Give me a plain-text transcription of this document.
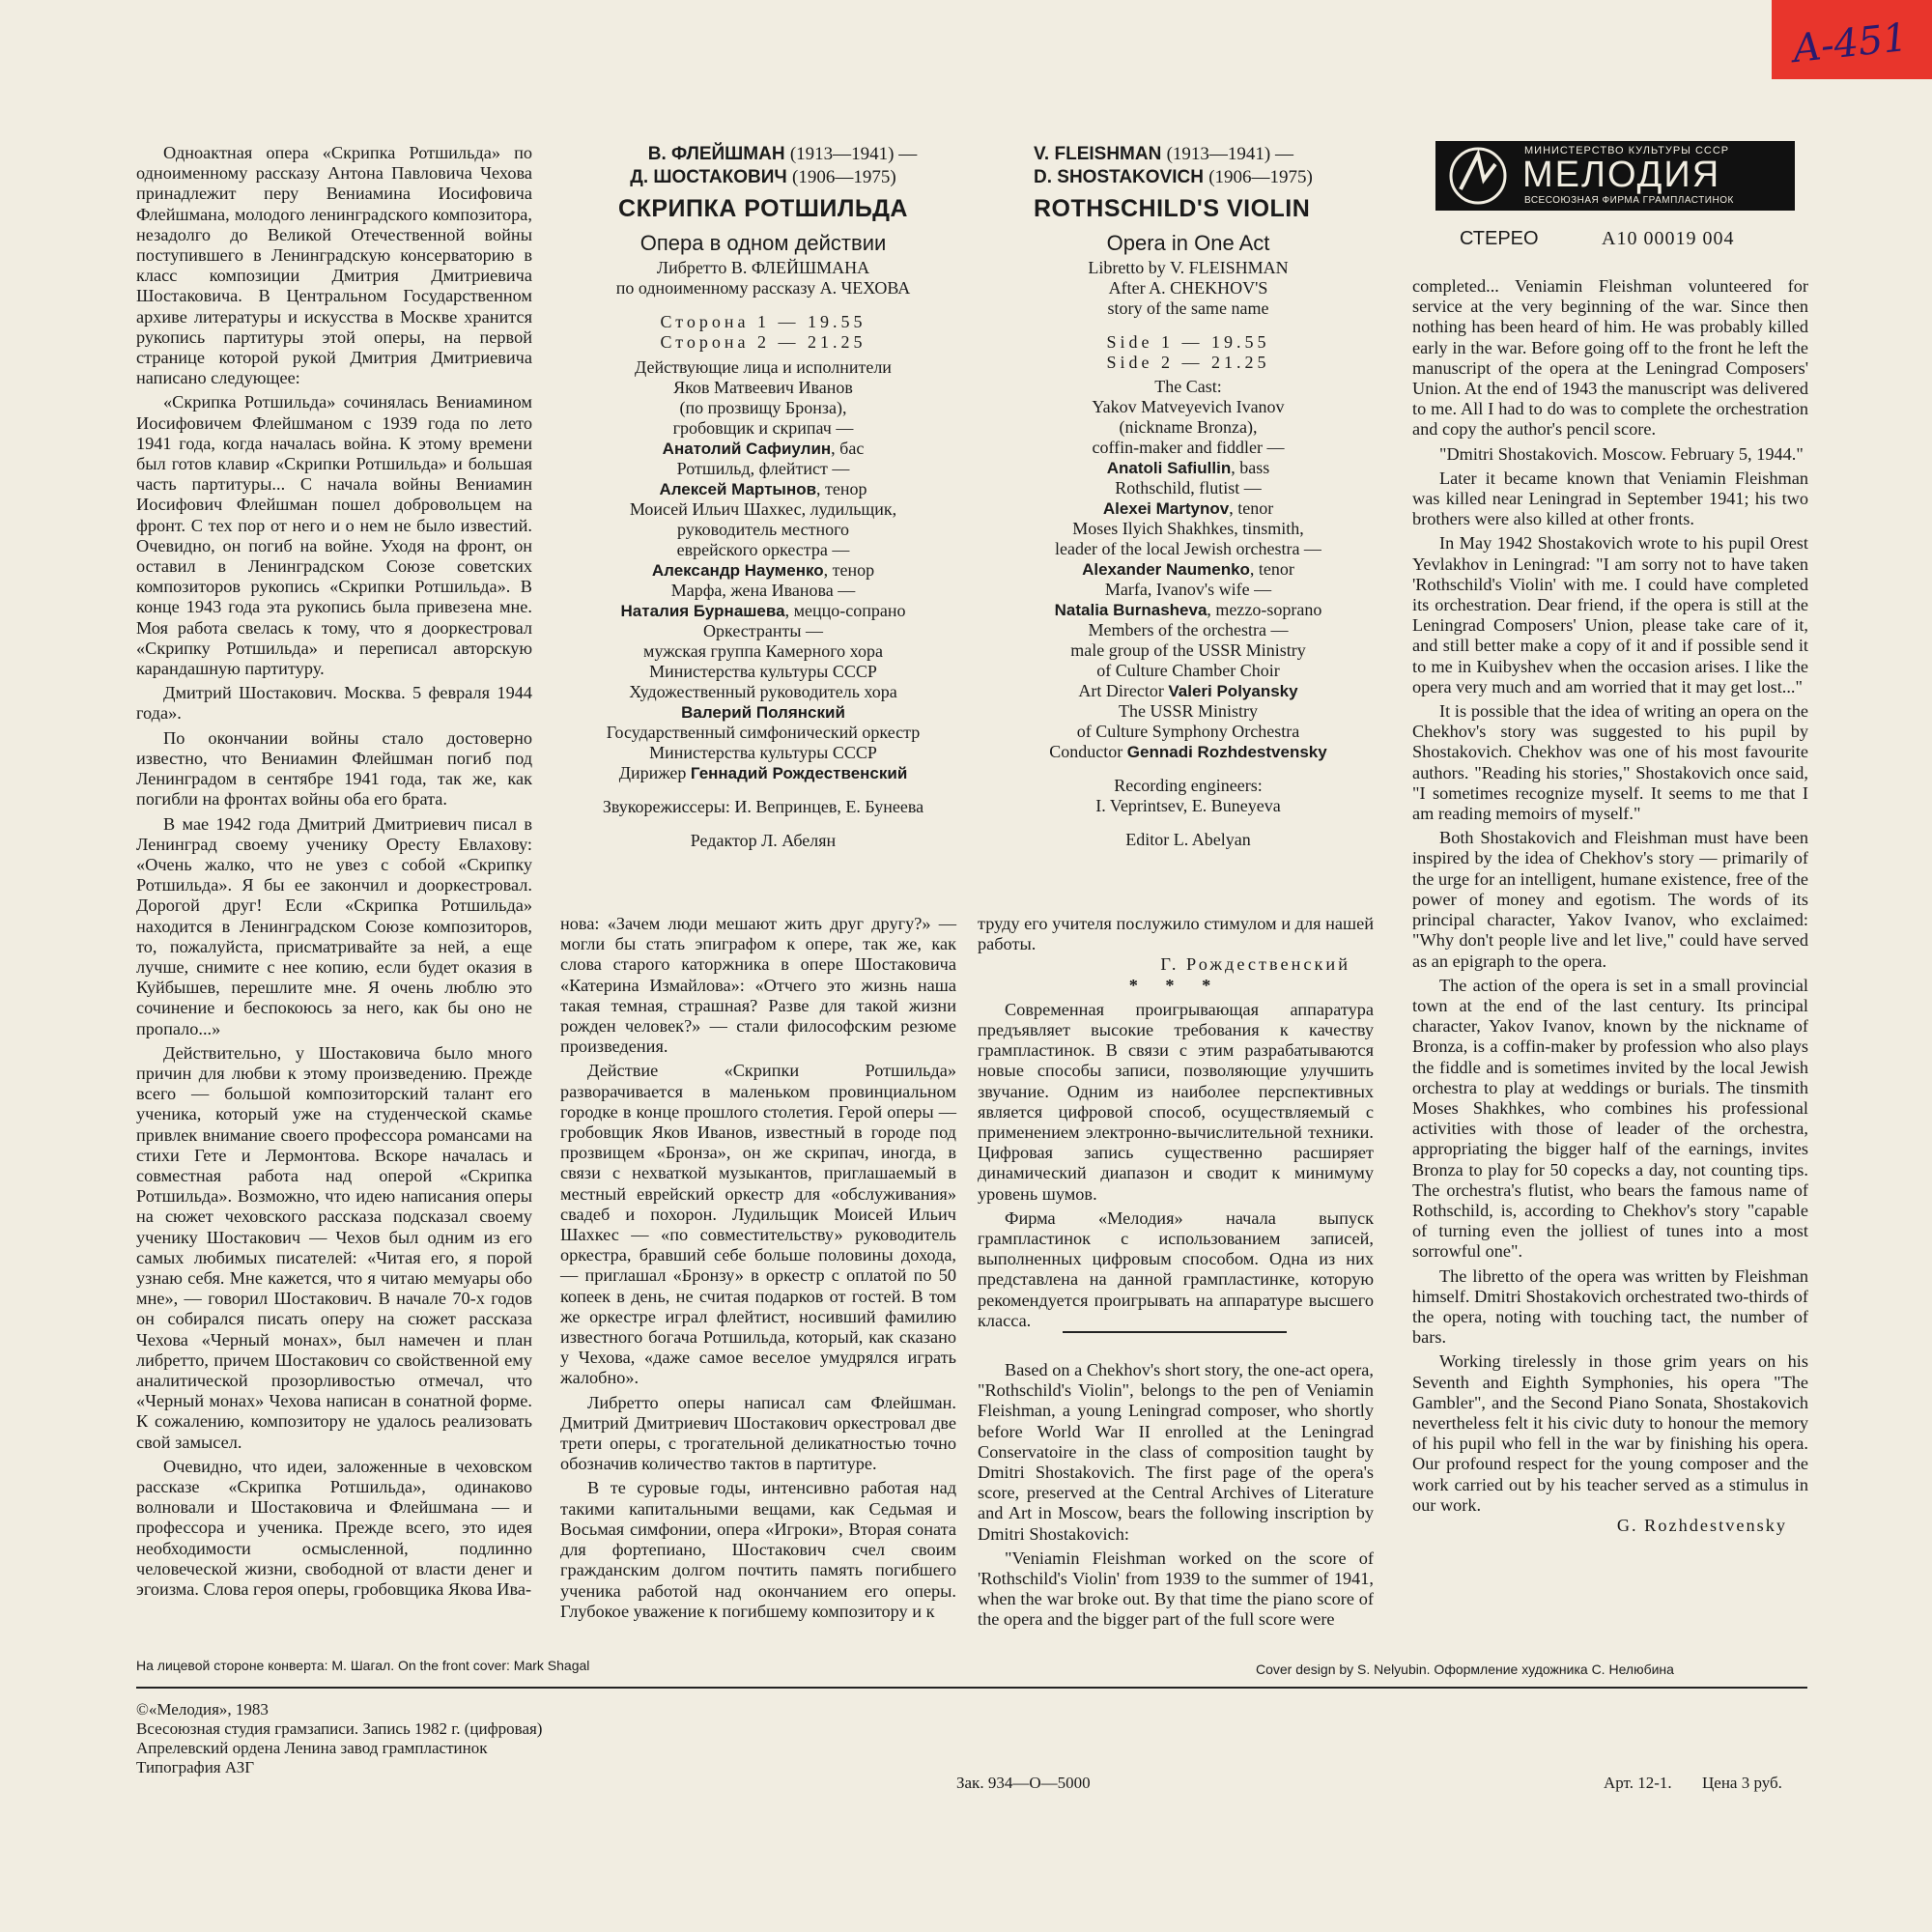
A-451
МИНИСТЕРСТВО КУЛЬТУРЫ СССР
МЕЛОДИЯ
ВСЕСОЮЗНАЯ ФИРМА ГРАМПЛАСТИНОК
СТЕРЕО	A10 00019 004
В. ФЛЕЙШМАН (1913—1941) —
Д. ШОСТАКОВИЧ (1906—1975)
СКРИПКА РОТШИЛЬДА
Опера в одном действии
Либретто В. ФЛЕЙШМАНА
по одноименному рассказу А. ЧЕХОВА
Сторона 1 — 19.55
Сторона 2 — 21.25
Действующие лица и исполнители
Яков Матвеевич Иванов
(по прозвищу Бронза),
гробовщик и скрипач —
Анатолий Сафиулин, бас
Ротшильд, флейтист —
Алексей Мартынов, тенор
Моисей Ильич Шахкес, лудильщик,
руководитель местного
еврейского оркестра —
Александр Науменко, тенор
Марфа, жена Иванова —
Наталия Бурнашева, меццо-сопрано
Оркестранты —
мужская группа Камерного хора
Министерства культуры СССР
Художественный руководитель хора
Валерий Полянский
Государственный симфонический оркестр
Министерства культуры СССР
Дирижер Геннадий Рождественский
Звукорежиссеры: И. Вепринцев, Е. Бунеева
Редактор Л. Абелян
V. FLEISHMAN (1913—1941) —
D. SHOSTAKOVICH (1906—1975)
ROTHSCHILD'S VIOLIN
Opera in One Act
Libretto by V. FLEISHMAN
After A. CHEKHOV'S
story of the same name
Side 1 — 19.55
Side 2 — 21.25
The Cast:
Yakov Matveyevich Ivanov
(nickname Bronza),
coffin-maker and fiddler —
Anatoli Safiullin, bass
Rothschild, flutist —
Alexei Martynov, tenor
Moses Ilyich Shakhkes, tinsmith,
leader of the local Jewish orchestra —
Alexander Naumenko, tenor
Marfa, Ivanov's wife —
Natalia Burnasheva, mezzo-soprano
Members of the orchestra —
male group of the USSR Ministry
of Culture Chamber Choir
Art Director Valeri Polyansky
The USSR Ministry
of Culture Symphony Orchestra
Conductor Gennadi Rozhdestvensky
Recording engineers:
I. Veprintsev, E. Buneyeva
Editor L. Abelyan

Одноактная опера «Скрипка Ротшильда» по одноименному рассказу Антона Павловича Чехова принадлежит перу Вениамина Иосифовича Флейшмана, молодого ленинградского композитора, незадолго до Великой Отечественной войны поступившего в Ленинградскую консерваторию в класс композиции Дмитрия Дмитриевича Шостаковича. В Центральном Государственном архиве литературы и искусства в Москве хранится рукопись партитуры этой оперы, на первой странице которой рукой Дмитрия Дмитриевича написано следующее:

«Скрипка Ротшильда» сочинялась Вениамином Иосифовичем Флейшманом с 1939 года по лето 1941 года, когда началась война. К этому времени был готов клавир «Скрипки Ротшильда» и большая часть партитуры... С начала войны Вениамин Иосифович Флейшман пошел добровольцем на фронт. С тех пор от него и о нем не было известий. Очевидно, он погиб на войне. Уходя на фронт, он оставил в Ленинградском Союзе советских композиторов рукопись «Скрипки Ротшильда». В конце 1943 года эта рукопись была привезена мне. Моя работа свелась к тому, что я дооркестровал «Скрипку Ротшильда» и переписал авторскую карандашную партитуру.

Дмитрий Шостакович. Москва. 5 февраля 1944 года».

По окончании войны стало достоверно известно, что Вениамин Флейшман погиб под Ленинградом в сентябре 1941 года, так же, как погибли на фронтах войны оба его брата.

В мае 1942 года Дмитрий Дмитриевич писал в Ленинград своему ученику Оресту Евлахову: «Очень жалко, что не увез с собой «Скрипку Ротшильда». Я бы ее закончил и дооркестровал. Дорогой друг! Если «Скрипка Ротшильда» находится в Ленинградском Союзе композиторов, то, пожалуйста, присматривайте за ней, а еще лучше, снимите с нее копию, если будет оказия в Куйбышев, перешлите мне. Я очень люблю это сочинение и беспокоюсь за него, как бы оно не пропало...»

Действительно, у Шостаковича было много причин для любви к этому произведению. Прежде всего — большой композиторский талант его ученика, который уже на студенческой скамье привлек внимание своего профессора романсами на стихи Гете и Лермонтова. Вскоре началась и совместная работа над оперой «Скрипка Ротшильда». Возможно, что идею написания оперы на сюжет чеховского рассказа подсказал своему ученику Шостакович — Чехов был одним из его самых любимых писателей: «Читая его, я порой узнаю себя. Мне кажется, что я читаю мемуары обо мне», — говорил Шостакович. В начале 70-х годов он собирался писать оперу на сюжет рассказа Чехова «Черный монах», был намечен и план либретто, причем Шостакович со свойственной ему аналитической прозорливостью отмечал, что «Черный монах» Чехова написан в сонатной форме. К сожалению, композитору не удалось реализовать свой замысел.

Очевидно, что идеи, заложенные в чеховском рассказе «Скрипка Ротшильда», одинаково волновали и Шостаковича и Флейшмана — и профессора и ученика. Прежде всего, это идея необходимости осмысленной, подлинно человеческой жизни, свободной от власти денег и эгоизма. Слова героя оперы, гробовщика Якова Ива-

нова: «Зачем люди мешают жить друг другу?» — могли бы стать эпиграфом к опере, так же, как слова старого каторжника в опере Шостаковича «Катерина Измайлова»: «Отчего это жизнь наша такая темная, страшная? Разве для такой жизни рожден человек?» — стали философским резюме произведения.

Действие «Скрипки Ротшильда» разворачивается в маленьком провинциальном городке в конце прошлого столетия. Герой оперы — гробовщик Яков Иванов, известный в городе под прозвищем «Бронза», он же скрипач, иногда, в связи с нехваткой музыкантов, приглашаемый в местный еврейский оркестр для «обслуживания» свадеб и похорон. Лудильщик Моисей Ильич Шахкес — «по совместительству» руководитель оркестра, бравший себе больше половины дохода, — приглашал «Бронзу» в оркестр с оплатой по 50 копеек в день, не считая подарков от гостей. В том же оркестре играл флейтист, носивший фамилию известного богача Ротшильда, который, как сказано у Чехова, «даже самое веселое умудрялся играть жалобно».

Либретто оперы написал сам Флейшман. Дмитрий Дмитриевич Шостакович оркестровал две трети оперы, с трогательной деликатностью точно обозначив количество тактов в партитуре.

В те суровые годы, интенсивно работая над такими капитальными вещами, как Седьмая и Восьмая симфонии, опера «Игроки», Вторая соната для фортепиано, Шостакович счел своим гражданским долгом почтить память погибшего ученика работой над окончанием его оперы. Глубокое уважение к погибшему композитору и к

труду его учителя послужило стимулом и для нашей работы.

Г. Рождественский
* * *

Современная проигрывающая аппаратура предъявляет высокие требования к качеству грампластинок. В связи с этим разрабатываются новые способы записи, позволяющие улучшить звучание. Одним из наиболее перспективных является цифровой способ, осуществляемый с применением электронно-вычислительной техники. Цифровая запись существенно расширяет динамический диапазон и сводит к минимуму уровень шумов.

Фирма «Мелодия» начала выпуск грампластинок с использованием записей, выполненных цифровым способом. Одна из них представлена на данной грампластинке, которую рекомендуется проигрывать на аппаратуре высшего класса.

Based on a Chekhov's short story, the one-act opera, "Rothschild's Violin", belongs to the pen of Veniamin Fleishman, a young Leningrad composer, who shortly before World War II enrolled at the Leningrad Conservatoire in the class of composition taught by Dmitri Shostakovich. The first page of the opera's score, preserved at the Central Archives of Literature and Art in Moscow, bears the following inscription by Dmitri Shostakovich:

"Veniamin Fleishman worked on the score of 'Rothschild's Violin' from 1939 to the summer of 1941, when the war broke out. By that time the piano score of the opera and the bigger part of the full score were

completed... Veniamin Fleishman volunteered for service at the very beginning of the war. Since then nothing has been heard of him. He was probably killed early in the war. Before going off to the front he left the manuscript of the opera at the Leningrad Composers' Union. At the end of 1943 the manuscript was delivered to me. All I had to do was to complete the orchestration and copy the author's pencil score.

"Dmitri Shostakovich. Moscow. February 5, 1944."

Later it became known that Veniamin Fleishman was killed near Leningrad in September 1941; his two brothers were also killed at other fronts.

In May 1942 Shostakovich wrote to his pupil Orest Yevlakhov in Leningrad: "I am sorry not to have taken 'Rothschild's Violin' with me. I could have completed its orchestration. Dear friend, if the opera is still at the Leningrad Composers' Union, please take care of it, and still better make a copy of it and if possible send it to me in Kuibyshev when the occasion arises. I like the opera very much and am worried that it may get lost..."

It is possible that the idea of writing an opera on the Chekhov's story was suggested to his pupil by Shostakovich. Chekhov was one of his most favourite authors. "Reading his stories," Shostakovich once said, "I sometimes recognize myself. It seems to me that I am reading memoirs of myself."

Both Shostakovich and Fleishman must have been inspired by the idea of Chekhov's story — primarily of the urge for an intelligent, humane existence, free of the power of money and egotism. The words of its principal character, Yakov Ivanov, who exclaimed: "Why don't people live and let live," could have served as an epigraph to the opera.

The action of the opera is set in a small provincial town at the end of the last century. Its principal character, Yakov Ivanov, known by the nickname of Bronza, is a coffin-maker by profession who also plays the fiddle and is sometimes invited by the local Jewish orchestra to play at weddings or burials. The tinsmith Moses Shakhkes, who combines his professional activities with those of leader of the orchestra, appropriating the bigger half of the earnings, invites Bronza to play for 50 copecks a day, not counting tips. The orchestra's flutist, who bears the famous name of Rothschild, is, according to Chekhov's story "capable of turning even the jolliest of tunes into a most sorrowful one".

The libretto of the opera was written by Fleishman himself. Dmitri Shostakovich orchestrated two-thirds of the opera, noting with touching tact, the number of bars.

Working tirelessly in those grim years on his Seventh and Eighth Symphonies, his opera "The Gambler", and the Second Piano Sonata, Shostakovich nevertheless felt it his civic duty to honour the memory of his pupil who fell in the war by finishing his opera. Our profound respect for the young composer and the work carried out by his teacher served as a stimulus in our work.

G. Rozhdestvensky
На лицевой стороне конверта: М. Шагал. On the front cover: Mark Shagal	Cover design by S. Nelyubin. Оформление художника С. Нелюбина
©«Мелодия», 1983
Всесоюзная студия грамзаписи. Запись 1982 г. (цифровая)
Апрелевский ордена Ленина завод грампластинок
Типография АЗГ
Зак. 934—О—5000	Арт. 12-1. Цена 3 руб.
